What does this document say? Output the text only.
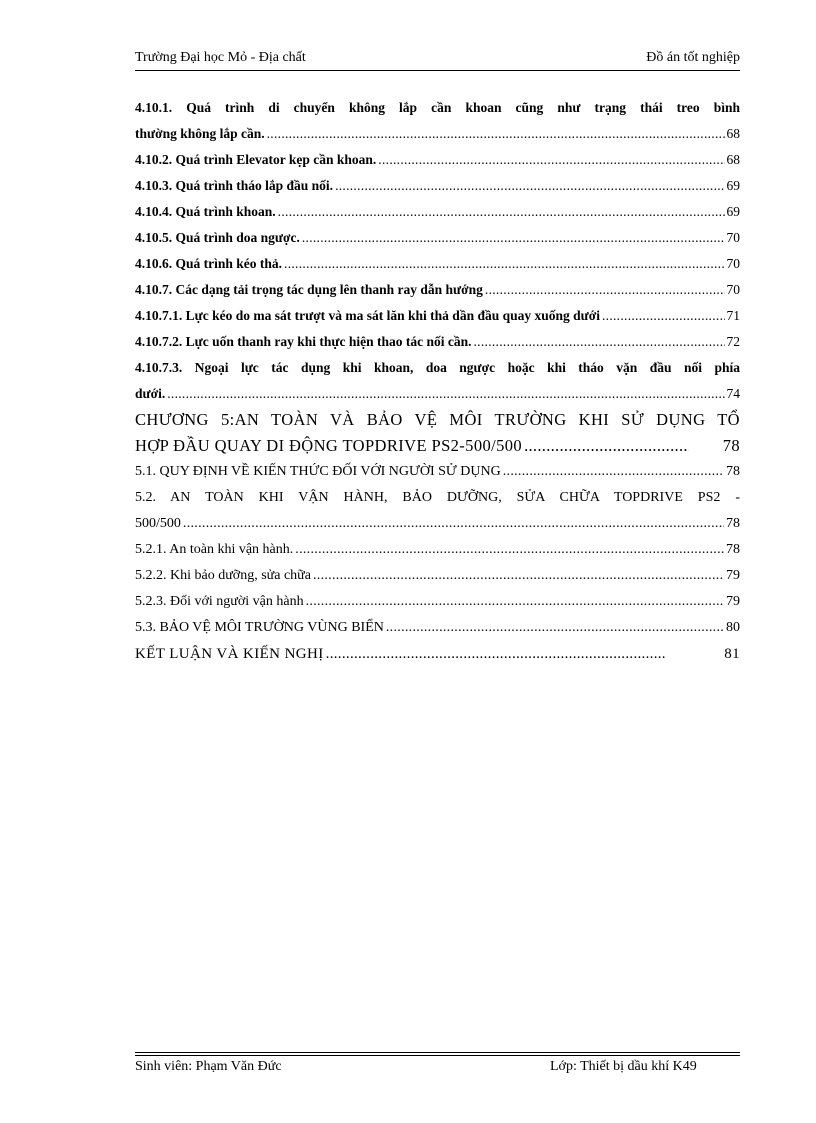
Trường Đại học Mỏ - Địa chất	Đồ án tốt nghiệp
4.10.1. Quá trình di chuyển không lắp cần khoan cũng như trạng thái treo bình
thường không lắp cần. .....	68
4.10.2. Quá trình Elevator kẹp cần khoan. .....	68
4.10.3. Quá trình tháo lắp đầu nối. .....	69
4.10.4. Quá trình khoan. .....	69
4.10.5. Quá trình doa ngược. .....	70
4.10.6. Quá trình kéo thả. .....	70
4.10.7. Các dạng tải trọng tác dụng lên thanh ray dẫn hướng .....	70
4.10.7.1. Lực kéo do ma sát trượt và ma sát lăn khi thả dần đầu quay xuống dưới .....	71
4.10.7.2. Lực uốn thanh ray khi thực hiện thao tác nối cần. .....	72
4.10.7.3. Ngoại lực tác dụng khi khoan, doa ngược hoặc khi tháo vặn đầu nối phía
dưới. .....	74
CHƯƠNG 5:AN TOÀN VÀ BẢO VỆ MÔI TRƯỜNG KHI SỬ DỤNG TỔ
HỢP ĐẦU QUAY DI ĐỘNG TOPDRIVE PS2-500/500 .....	78
5.1. QUY ĐỊNH VỀ KIẾN THỨC ĐỐI VỚI NGƯỜI SỬ DỤNG .....	78
5.2. AN TOÀN KHI VẬN HÀNH, BẢO DƯỠNG, SỬA CHỮA TOPDRIVE PS2 -
500/500 .....	78
5.2.1. An toàn khi vận hành. .....	78
5.2.2. Khi bảo dưỡng, sửa chữa .....	79
5.2.3. Đối với người vận hành .....	79
5.3. BẢO VỆ MÔI TRƯỜNG VÙNG BIỂN .....	80
KẾT LUẬN VÀ KIẾN NGHỊ .....	81
Sinh viên: Phạm Văn Đức	Lớp: Thiết bị dầu khí K49
